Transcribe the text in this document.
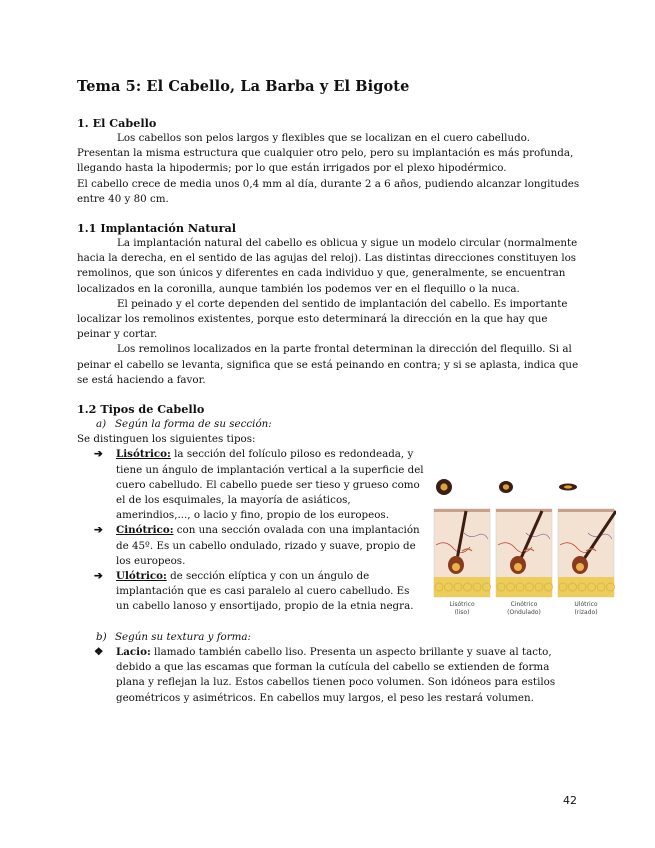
Tema 5: El Cabello, La Barba y El Bigote
1. El Cabello

Los cabellos son pelos largos y flexibles que se localizan en el cuero cabelludo. Presentan la misma estructura que cualquier otro pelo, pero su implantación es más profunda, llegando hasta la hipodermis; por lo que están irrigados por el plexo hipodérmico.

El cabello crece de media unos 0,4 mm al día, durante 2 a 6 años, pudiendo alcanzar longitudes entre 40 y 80 cm.

1.1 Implantación Natural

La implantación natural del cabello es oblicua y sigue un modelo circular (normalmente hacia la derecha, en el sentido de las agujas del reloj). Las distintas direcciones constituyen los remolinos, que son únicos y diferentes en cada individuo y que, generalmente, se encuentran localizados en la coronilla, aunque también los podemos ver en el flequillo o la nuca.

El peinado y el corte dependen del sentido de implantación del cabello. Es importante localizar los remolinos existentes, porque esto determinará la dirección en la que hay que peinar y cortar.

Los remolinos localizados en la parte frontal determinan la dirección del flequillo. Si al peinar el cabello se levanta, significa que se está peinando en contra; y si se aplasta, indica que se está haciendo a favor.

1.2 Tipos de Cabello

a) Según la forma de su sección:

Se distinguen los siguientes tipos:

➔ Lisótrico: la sección del folículo piloso es redondeada, y tiene un ángulo de implantación vertical a la superficie del cuero cabelludo. El cabello puede ser tieso y grueso como el de los esquimales, la mayoría de asiáticos, amerindios,..., o lacio y fino, propio de los europeos.
➔ Cinótrico: con una sección ovalada con una implantación de 45º. Es un cabello ondulado, rizado y suave, propio de los europeos.
➔ Ulótrico: de sección elíptica y con un ángulo de implantación que es casi paralelo al cuero cabelludo. Es un cabello lanoso y ensortijado, propio de la etnia negra.

b) Según su textura y forma:

❖ Lacio: llamado también cabello liso. Presenta un aspecto brillante y suave al tacto, debido a que las escamas que forman la cutícula del cabello se extienden de forma plana y reflejan la luz. Estos cabellos tienen poco volumen. Son idóneos para estilos geométricos y asimétricos. En cabellos muy largos, el peso les restará volumen.
Lisótrico
(liso)
Cinótrico
(Ondulado)
Ulótrico
(rizado)
42
